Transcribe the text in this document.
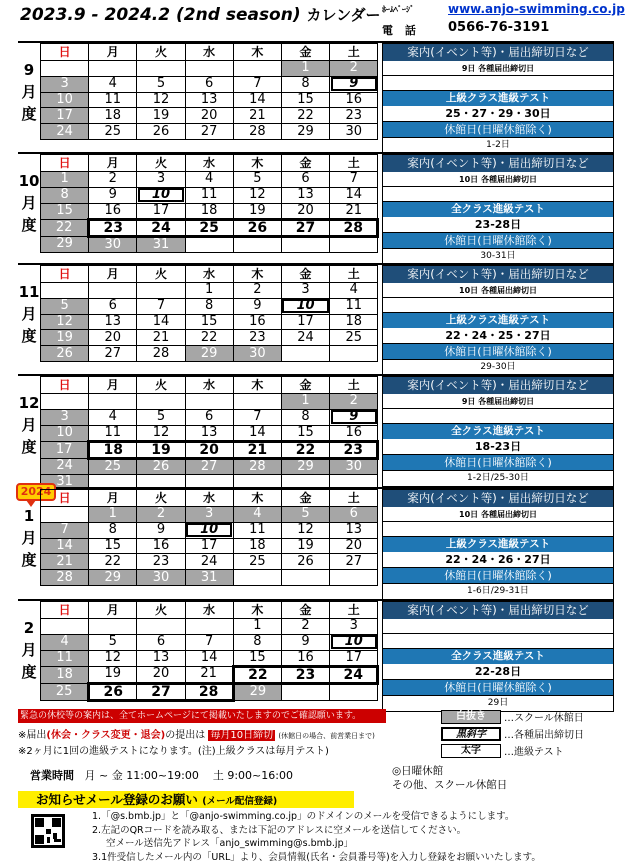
2023.9 - 2024.2 (2nd season) カレンダー ﾎｰﾑﾍﾟｰｼﾞ	www.anjo-swimming.co.jp
電 話 0566-76-3191
9
月
度
日	月	火	水	木	金	土
					1	2
3	4	5	6	7	8	9
10	11	12	13	14	15	16
17	18	19	20	21	22	23
24	25	26	27	28	29	30
案内(イベント等)・届出締切日など
9日 各種届出締切日
上級クラス進級テスト
25・27・29・30日
休館日(日曜休館除く)
1-2日
10
月
度
日	月	火	水	木	金	土
1	2	3	4	5	6	7
8	9	10	11	12	13	14
15	16	17	18	19	20	21
22	23	24	25	26	27	28
29	30	31				
案内(イベント等)・届出締切日など
10日 各種届出締切日
全クラス進級テスト
23-28日
休館日(日曜休館除く)
30-31日
11
月
度
日	月	火	水	木	金	土
			1	2	3	4
5	6	7	8	9	10	11
12	13	14	15	16	17	18
19	20	21	22	23	24	25
26	27	28	29	30		
案内(イベント等)・届出締切日など
10日 各種届出締切日
上級クラス進級テスト
22・24・25・27日
休館日(日曜休館除く)
29-30日
12
月
度
日	月	火	水	木	金	土
					1	2
3	4	5	6	7	8	9
10	11	12	13	14	15	16
17	18	19	20	21	22	23
24	25	26	27	28	29	30
31						
案内(イベント等)・届出締切日など
9日 各種届出締切日
全クラス進級テスト
18-23日
休館日(日曜休館除く)
1-2日/25-30日
1
月
度
2024 日	月	火	水	木	金	土
	1	2	3	4	5	6
7	8	9	10	11	12	13
14	15	16	17	18	19	20
21	22	23	24	25	26	27
28	29	30	31			
案内(イベント等)・届出締切日など
10日 各種届出締切日
上級クラス進級テスト
22・24・26・27日
休館日(日曜休館除く)
1-6日/29-31日
2
月
度
日	月	火	水	木	金	土
				1	2	3
4	5	6	7	8	9	10
11	12	13	14	15	16	17
18	19	20	21	22	23	24
25	26	27	28	29		
案内(イベント等)・届出締切日など
全クラス進級テスト
22-28日
休館日(日曜休館除く)
29日
緊急の休校等の案内は、全てホームページにて掲載いたしますのでご確認願います。
※届出(休会・クラス変更・退会)の提出は 毎月10日締切 (休館日の場合、前営業日まで)
※2ヶ月に1回の進級テストになります。(注)上級クラスは毎月テスト)
営業時間 月 ~ 金 11:00~19:00 土 9:00~16:00
白抜き	…スクール休館日
黒斜字	…各種届出締切日
太字	…進級テスト
◎日曜休館
その他、スクール休館日
お知らせメール登録のお願い (メール配信登録)
1.「@s.bmb.jp」と「@anjo-swimming.co.jp」のドメインのメールを受信できるようにします。
2.左記のQRコードを読み取る、または下記のアドレスに空メールを送信してください。
空メール送信先アドレス「anjo_swimming@s.bmb.jp」
3.1件受信したメール内の「URL」より、会員情報(氏名・会員番号等)を入力し登録をお願いいたします。
